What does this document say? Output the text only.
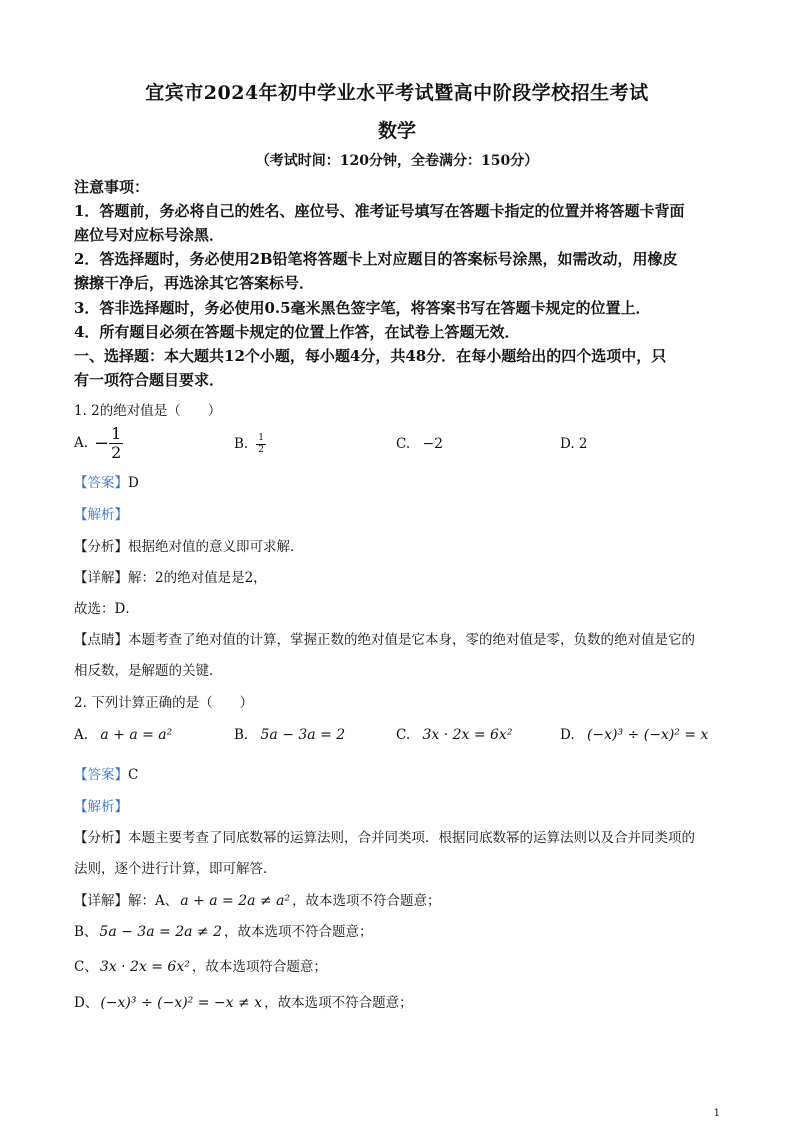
宜宾市2024年初中学业水平考试暨高中阶段学校招生考试
数学
（考试时间：120分钟，全卷满分：150分）
注意事项：
1．答题前，务必将自己的姓名、座位号、准考证号填写在答题卡指定的位置并将答题卡背面
座位号对应标号涂黑．
2．答选择题时，务必使用2B铅笔将答题卡上对应题目的答案标号涂黑，如需改动，用橡皮
擦擦干净后，再选涂其它答案标号．
3．答非选择题时，务必使用0.5毫米黑色签字笔，将答案书写在答题卡规定的位置上．
4．所有题目必须在答题卡规定的位置上作答，在试卷上答题无效．
一、选择题：本大题共12个小题，每小题4分，共48分．在每小题给出的四个选项中，只
有一项符合题目要求．
1. 2的绝对值是（　　）
A. − $\frac{1}{2}$	B. $\frac{1}{2}$	C. −2	D. 2
【答案】D
【解析】
【分析】根据绝对值的意义即可求解．
【详解】解：2的绝对值是是2，
故选：D．
【点睛】本题考查了绝对值的计算，掌握正数的绝对值是它本身，零的绝对值是零，负数的绝对值是它的
相反数，是解题的关键．
2. 下列计算正确的是（　　）
A. a + a = a²	B. 5a − 3a = 2	C. 3x · 2x = 6x²	D. (−x)³ ÷ (−x)² = x
【答案】C
【解析】
【分析】本题主要考查了同底数幂的运算法则，合并同类项．根据同底数幂的运算法则以及合并同类项的
法则，逐个进行计算，即可解答．
【详解】解：A、 a + a = 2a ≠ a² ，故本选项不符合题意；
B、 5a − 3a = 2a ≠ 2 ，故本选项不符合题意；
C、 3x · 2x = 6x² ，故本选项符合题意；
D、 (−x)³ ÷ (−x)² = −x ≠ x ，故本选项不符合题意；
1
